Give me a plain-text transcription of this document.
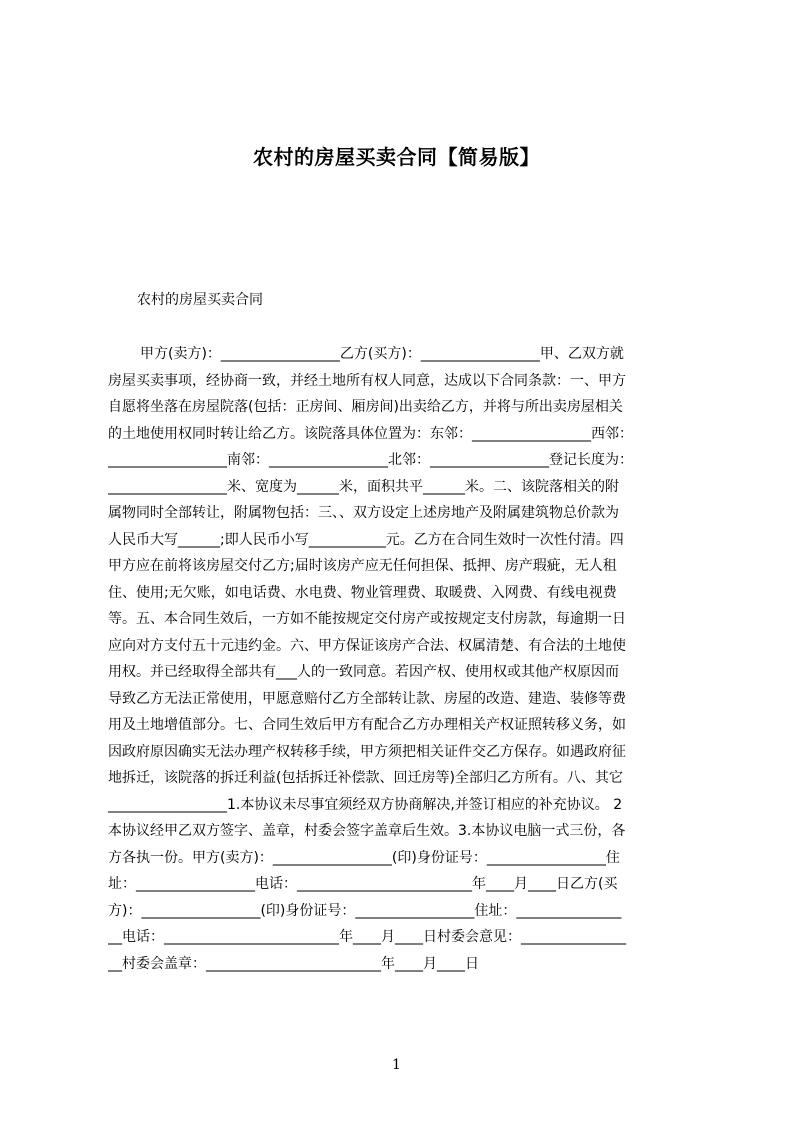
农村的房屋买卖合同【简易版】

农村的房屋买卖合同

甲方(卖方)：_________________乙方(买方)：_________________甲、乙双方就
房屋买卖事项，经协商一致，并经土地所有权人同意，达成以下合同条款：一、甲方
自愿将坐落在房屋院落(包括：正房间、厢房间)出卖给乙方，并将与所出卖房屋相关
的土地使用权同时转让给乙方。该院落具体位置为：东邻：_________________西邻：
_________________南邻：_________________北邻：_________________登记长度为：
_________________米、宽度为______米，面积共平______米。二、该院落相关的附
属物同时全部转让，附属物包括：三、、双方设定上述房地产及附属建筑物总价款为
人民币大写______;即人民币小写___________元。乙方在合同生效时一次性付清。四
甲方应在前将该房屋交付乙方;届时该房产应无任何担保、抵押、房产瑕疵，无人租
住、使用;无欠账，如电话费、水电费、物业管理费、取暖费、入网费、有线电视费
等。五、本合同生效后，一方如不能按规定交付房产或按规定支付房款，每逾期一日
应向对方支付五十元违约金。六、甲方保证该房产合法、权属清楚、有合法的土地使
用权。并已经取得全部共有___人的一致同意。若因产权、使用权或其他产权原因而
导致乙方无法正常使用，甲愿意赔付乙方全部转让款、房屋的改造、建造、装修等费
用及土地增值部分。七、合同生效后甲方有配合乙方办理相关产权证照转移义务，如
因政府原因确实无法办理产权转移手续，甲方须把相关证件交乙方保存。如遇政府征
地拆迁，该院落的拆迁利益(包括拆迁补偿款、回迁房等)全部归乙方所有。八、其它
_________________1.本协议未尽事宜须经双方协商解决,并签订相应的补充协议。 2
本协议经甲乙双方签字、盖章，村委会签字盖章后生效。3.本协议电脑一式三份，各
方各执一份。甲方(卖方)：_________________(印)身份证号：_________________住
址：_________________电话：_________________________年____月____日乙方(买
方)：_________________(印)身份证号：_________________住址：_______________
__电话：_________________________年____月____日村委会意见：_______________
__村委会盖章：_________________________年____月____日
1
